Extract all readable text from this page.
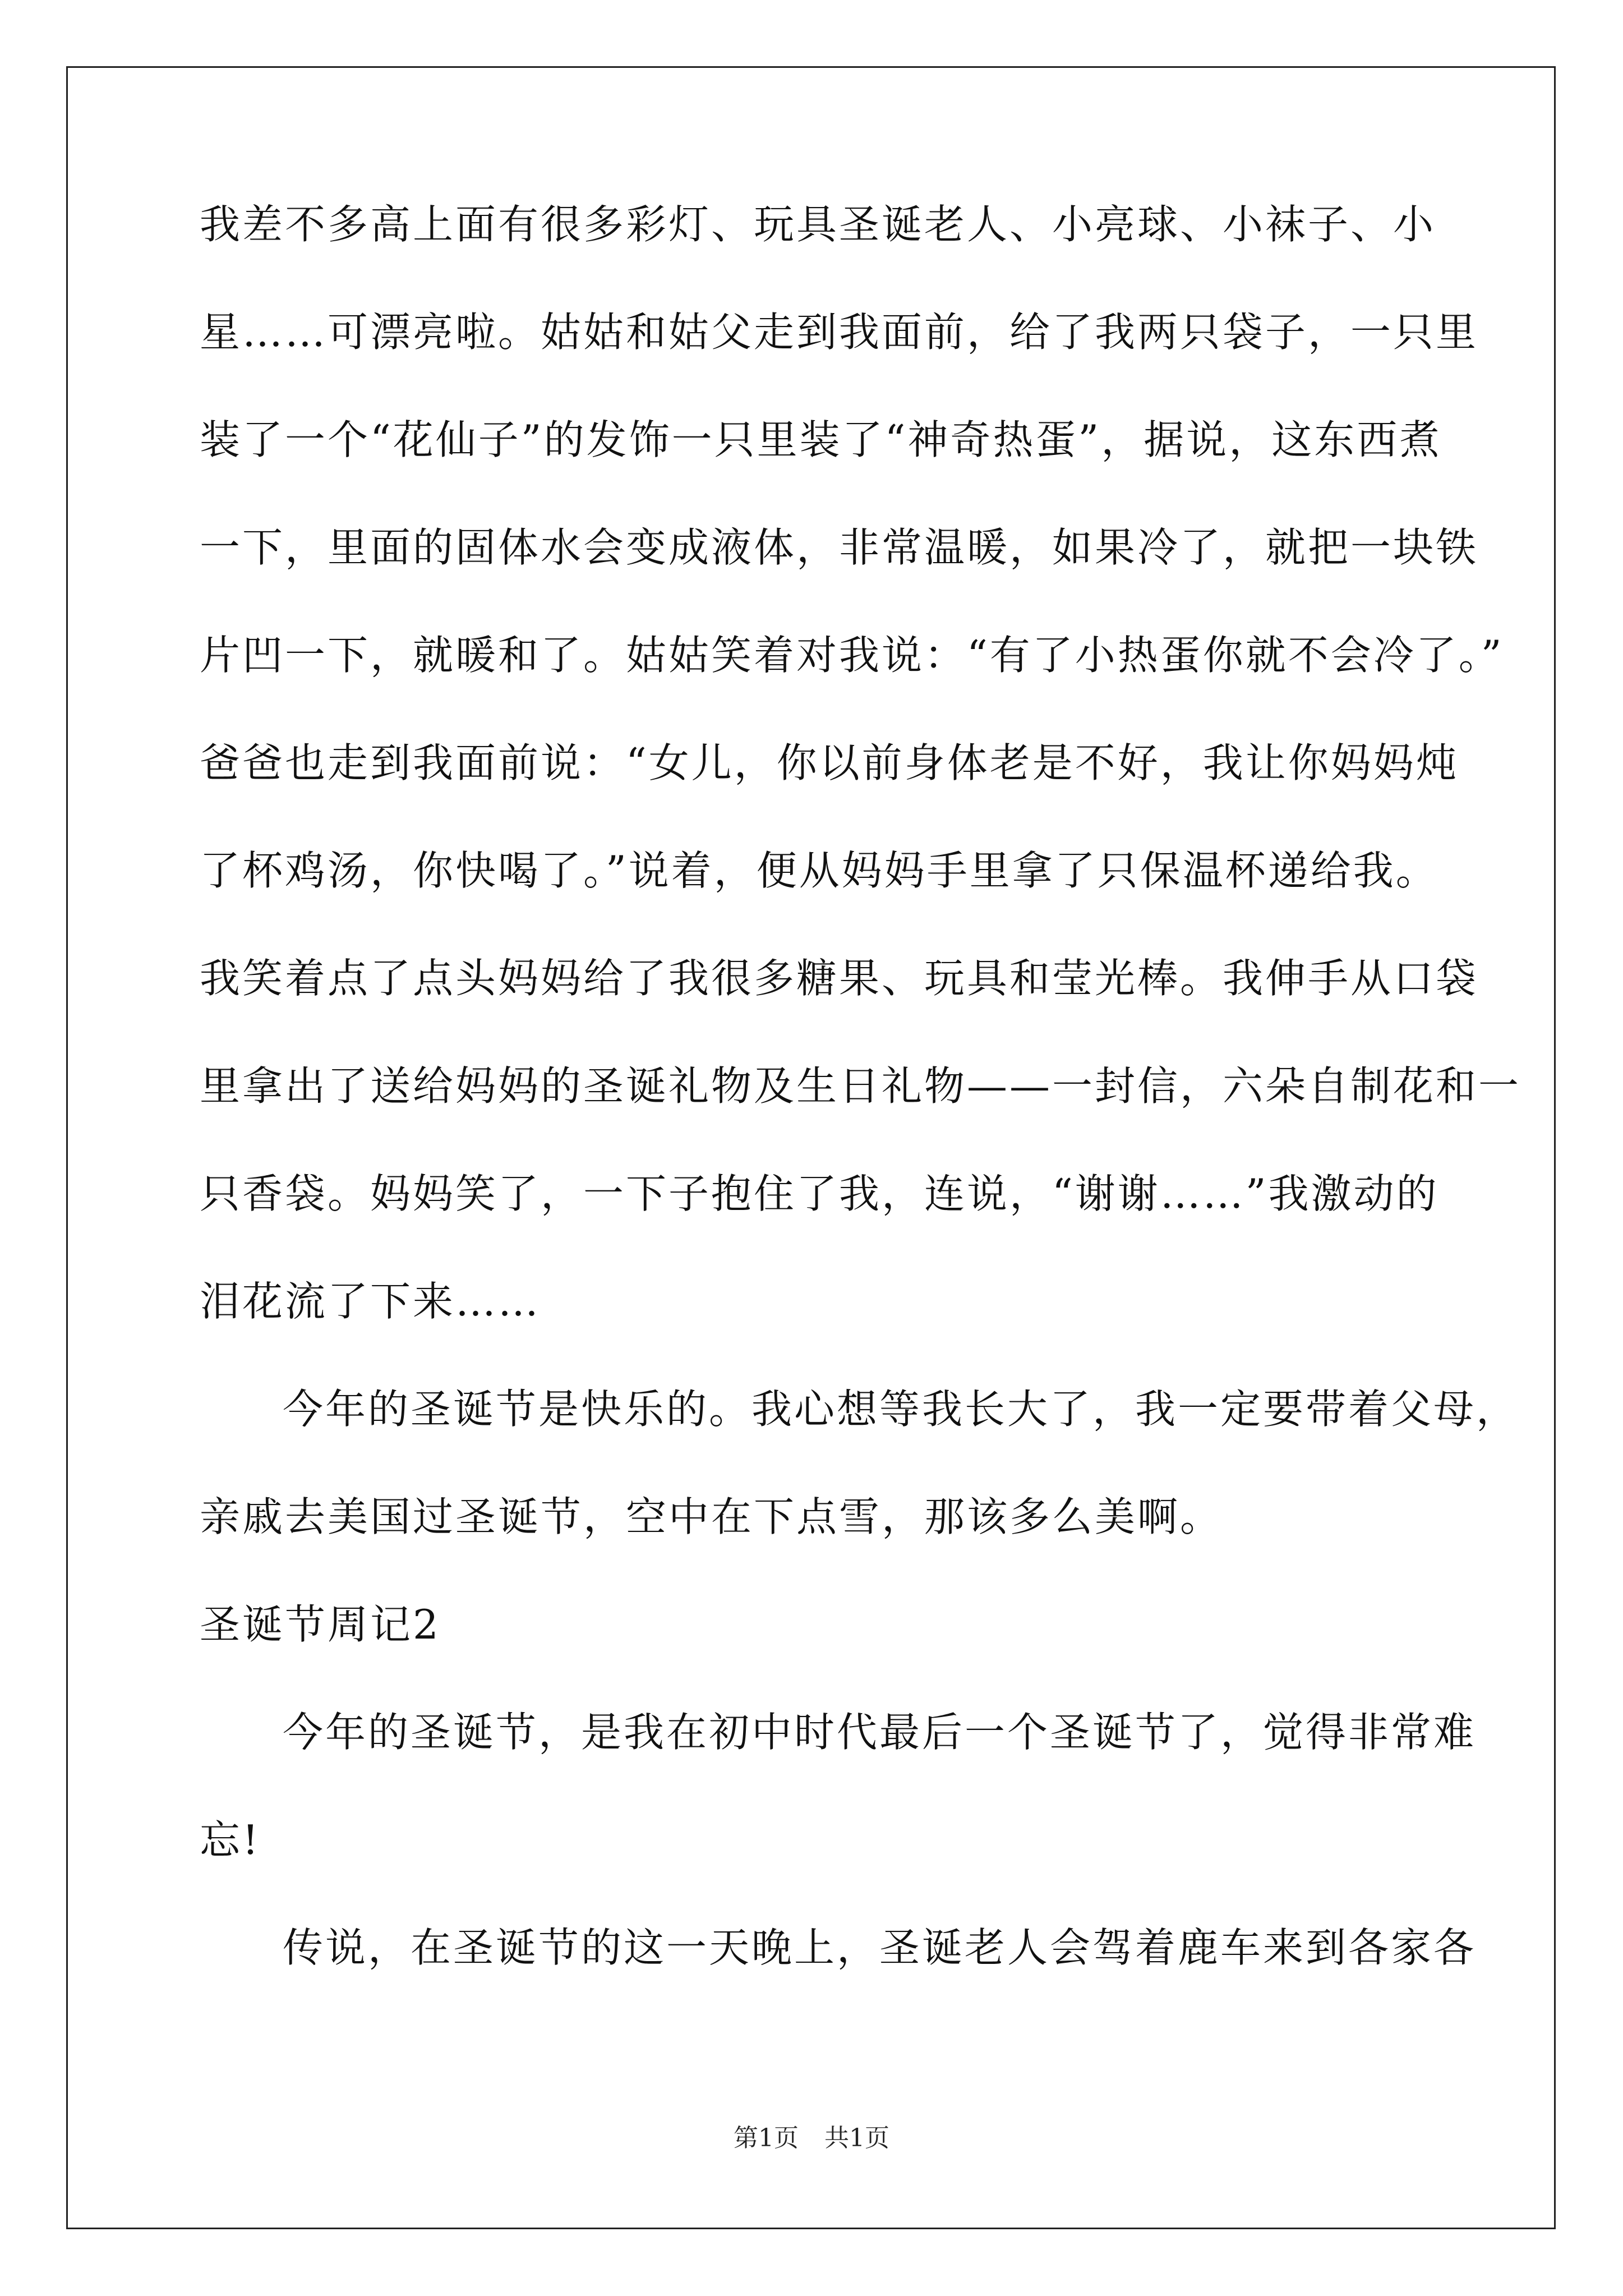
我差不多高上面有很多彩灯、玩具圣诞老人、小亮球、小袜子、小
星……可漂亮啦。姑姑和姑父走到我面前，给了我两只袋子，一只里
装了一个“花仙子”的发饰一只里装了“神奇热蛋”，据说，这东西煮
一下，里面的固体水会变成液体，非常温暖，如果冷了，就把一块铁
片凹一下，就暖和了。姑姑笑着对我说：“有了小热蛋你就不会冷了。”
爸爸也走到我面前说：“女儿，你以前身体老是不好，我让你妈妈炖
了杯鸡汤，你快喝了。”说着，便从妈妈手里拿了只保温杯递给我。
我笑着点了点头妈妈给了我很多糖果、玩具和莹光棒。我伸手从口袋
里拿出了送给妈妈的圣诞礼物及生日礼物——一封信，六朵自制花和一
只香袋。妈妈笑了，一下子抱住了我，连说，“谢谢……”我激动的
泪花流了下来……
今年的圣诞节是快乐的。我心想等我长大了，我一定要带着父母，
亲戚去美国过圣诞节，空中在下点雪，那该多么美啊。
圣诞节周记2
今年的圣诞节，是我在初中时代最后一个圣诞节了，觉得非常难
忘!
传说，在圣诞节的这一天晚上，圣诞老人会驾着鹿车来到各家各
第1页 共1页
